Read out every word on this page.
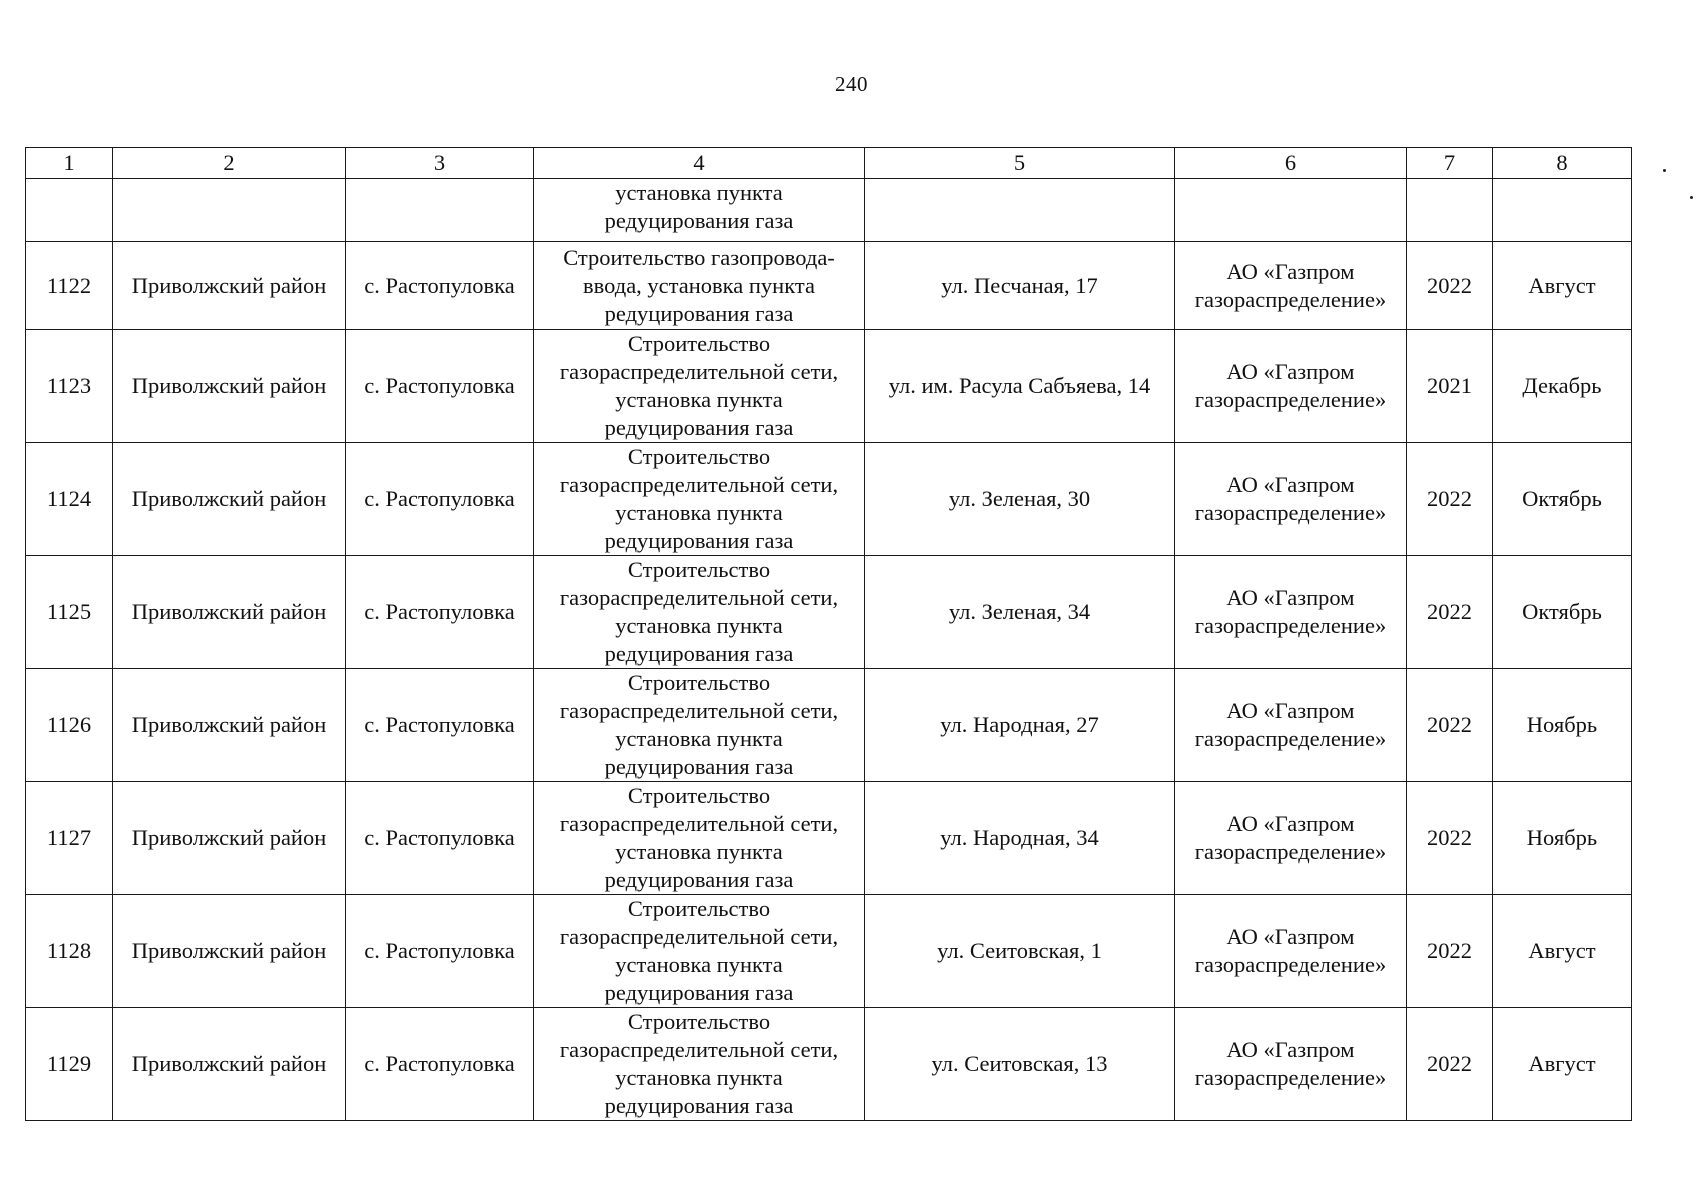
240
1	2	3	4	5	6	7	8
			установка пункта редуцирования газа				
1122	Приволжский район	с. Растопуловка	Строительство газопровода-ввода, установка пункта редуцирования газа	ул. Песчаная, 17	АО «Газпром газораспределение»	2022	Август
1123	Приволжский район	с. Растопуловка	Строительство газораспределительной сети, установка пункта редуцирования газа	ул. им. Расула Сабъяева, 14	АО «Газпром газораспределение»	2021	Декабрь
1124	Приволжский район	с. Растопуловка	Строительство газораспределительной сети, установка пункта редуцирования газа	ул. Зеленая, 30	АО «Газпром газораспределение»	2022	Октябрь
1125	Приволжский район	с. Растопуловка	Строительство газораспределительной сети, установка пункта редуцирования газа	ул. Зеленая, 34	АО «Газпром газораспределение»	2022	Октябрь
1126	Приволжский район	с. Растопуловка	Строительство газораспределительной сети, установка пункта редуцирования газа	ул. Народная, 27	АО «Газпром газораспределение»	2022	Ноябрь
1127	Приволжский район	с. Растопуловка	Строительство газораспределительной сети, установка пункта редуцирования газа	ул. Народная, 34	АО «Газпром газораспределение»	2022	Ноябрь
1128	Приволжский район	с. Растопуловка	Строительство газораспределительной сети, установка пункта редуцирования газа	ул. Сеитовская, 1	АО «Газпром газораспределение»	2022	Август
1129	Приволжский район	с. Растопуловка	Строительство газораспределительной сети, установка пункта редуцирования газа	ул. Сеитовская, 13	АО «Газпром газораспределение»	2022	Август
